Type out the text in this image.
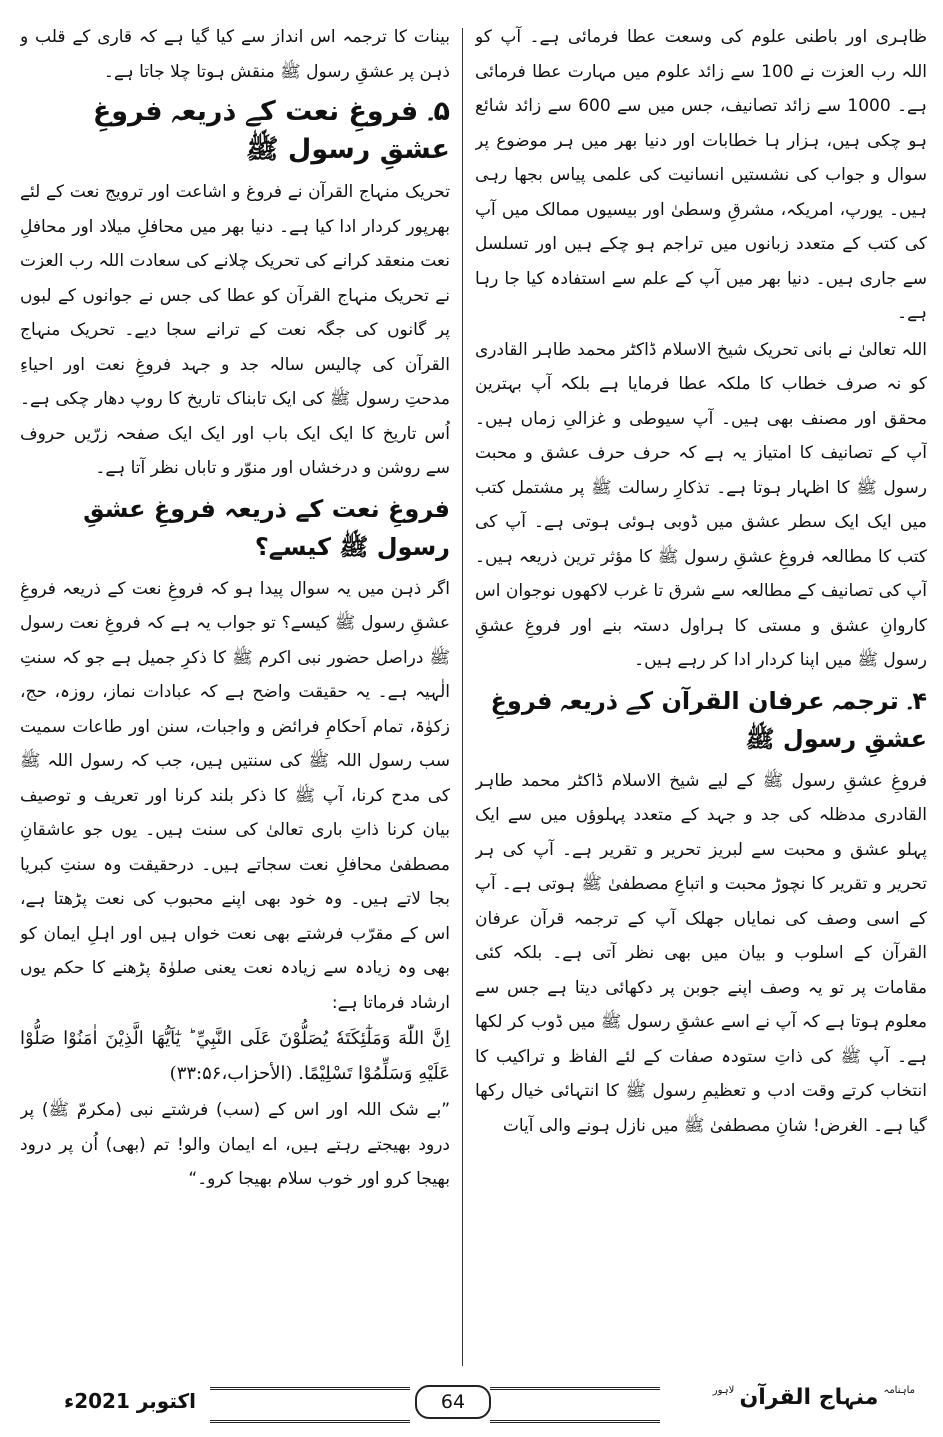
ظاہری اور باطنی علوم کی وسعت عطا فرمائی ہے۔ آپ کو اللہ رب العزت نے 100 سے زائد علوم میں مہارت عطا فرمائی ہے۔ 1000 سے زائد تصانیف، جس میں سے 600 سے زائد شائع ہو چکی ہیں، ہزار ہا خطابات اور دنیا بھر میں ہر موضوع پر سوال و جواب کی نشستیں انسانیت کی علمی پیاس بجھا رہی ہیں۔ یورپ، امریکہ، مشرقِ وسطیٰ اور بیسیوں ممالک میں آپ کی کتب کے متعدد زبانوں میں تراجم ہو چکے ہیں اور تسلسل سے جاری ہیں۔ دنیا بھر میں آپ کے علم سے استفادہ کیا جا رہا ہے۔

اللہ تعالیٰ نے بانی تحریک شیخ الاسلام ڈاکٹر محمد طاہر القادری کو نہ صرف خطاب کا ملکہ عطا فرمایا ہے بلکہ آپ بہترین محقق اور مصنف بھی ہیں۔ آپ سیوطی و غزالیِ زماں ہیں۔ آپ کے تصانیف کا امتیاز یہ ہے کہ حرف حرف عشق و محبت رسول ﷺ کا اظہار ہوتا ہے۔ تذکارِ رسالت ﷺ پر مشتمل کتب میں ایک ایک سطر عشق میں ڈوبی ہوئی ہوتی ہے۔ آپ کی کتب کا مطالعہ فروغِ عشقِ رسول ﷺ کا مؤثر ترین ذریعہ ہیں۔ آپ کی تصانیف کے مطالعہ سے شرق تا غرب لاکھوں نوجوان اس کاروانِ عشق و مستی کا ہراول دستہ بنے اور فروغِ عشقِ رسول ﷺ میں اپنا کردار ادا کر رہے ہیں۔

۴۔ ترجمہ عرفان القرآن کے ذریعہ فروغِ عشقِ رسول ﷺ

فروغِ عشقِ رسول ﷺ کے لیے شیخ الاسلام ڈاکٹر محمد طاہر القادری مدظلہ کی جد و جہد کے متعدد پہلوؤں میں سے ایک پہلو عشق و محبت سے لبریز تحریر و تقریر ہے۔ آپ کی ہر تحریر و تقریر کا نچوڑ محبت و اتباعِ مصطفیٰ ﷺ ہوتی ہے۔ آپ کے اسی وصف کی نمایاں جھلک آپ کے ترجمہ قرآن عرفان القرآن کے اسلوب و بیان میں بھی نظر آتی ہے۔ بلکہ کئی مقامات پر تو یہ وصف اپنے جوبن پر دکھائی دیتا ہے جس سے معلوم ہوتا ہے کہ آپ نے اسے عشقِ رسول ﷺ میں ڈوب کر لکھا ہے۔ آپ ﷺ کی ذاتِ ستودہ صفات کے لئے الفاظ و تراکیب کا انتخاب کرتے وقت ادب و تعظیمِ رسول ﷺ کا انتہائی خیال رکھا گیا ہے۔ الغرض! شانِ مصطفیٰ ﷺ میں نازل ہونے والی آیات

بینات کا ترجمہ اس انداز سے کیا گیا ہے کہ قاری کے قلب و ذہن پر عشقِ رسول ﷺ منقش ہوتا چلا جاتا ہے۔

۵۔ فروغِ نعت کے ذریعہ فروغِ عشقِ رسول ﷺ

تحریک منہاج القرآن نے فروغ و اشاعت اور ترویج نعت کے لئے بھرپور کردار ادا کیا ہے۔ دنیا بھر میں محافلِ میلاد اور محافلِ نعت منعقد کرانے کی تحریک چلانے کی سعادت اللہ رب العزت نے تحریک منہاج القرآن کو عطا کی جس نے جوانوں کے لبوں پر گانوں کی جگہ نعت کے ترانے سجا دیے۔ تحریک منہاج القرآن کی چالیس سالہ جد و جہد فروغِ نعت اور احیاءِ مدحتِ رسول ﷺ کی ایک تابناک تاریخ کا روپ دھار چکی ہے۔ اُس تاریخ کا ایک ایک باب اور ایک ایک صفحہ زرّیں حروف سے روشن و درخشاں اور منوّر و تاباں نظر آتا ہے۔

فروغِ نعت کے ذریعہ فروغِ عشقِ رسول ﷺ کیسے؟

اگر ذہن میں یہ سوال پیدا ہو کہ فروغِ نعت کے ذریعہ فروغِ عشقِ رسول ﷺ کیسے؟ تو جواب یہ ہے کہ فروغِ نعت رسول ﷺ دراصل حضور نبی اکرم ﷺ کا ذکرِ جمیل ہے جو کہ سنتِ الٰہیہ ہے۔ یہ حقیقت واضح ہے کہ عبادات نماز، روزہ، حج، زکوٰۃ، تمام اَحکامِ فرائض و واجبات، سنن اور طاعات سمیت سب رسول اللہ ﷺ کی سنتیں ہیں، جب کہ رسول اللہ ﷺ کی مدح کرنا، آپ ﷺ کا ذکر بلند کرنا اور تعریف و توصیف بیان کرنا ذاتِ باری تعالیٰ کی سنت ہیں۔ یوں جو عاشقانِ مصطفیٰ محافلِ نعت سجاتے ہیں۔ درحقیقت وہ سنتِ کبریا بجا لاتے ہیں۔ وہ خود بھی اپنے محبوب کی نعت پڑھتا ہے، اس کے مقرّب فرشتے بھی نعت خواں ہیں اور اہلِ ایمان کو بھی وہ زیادہ سے زیادہ نعت یعنی صلوٰۃ پڑھنے کا حکم یوں ارشاد فرماتا ہے:

اِنَّ اللّٰهَ وَمَلٰٓئِكَتَهٗ يُصَلُّوْنَ عَلَى النَّبِيِّ ؕ يٰٓاَيُّهَا الَّذِيْنَ اٰمَنُوْا صَلُّوْا عَلَيْهِ وَسَلِّمُوْا تَسْلِيْمًا. (الأحزاب،۳۳:۵۶)

”بے شک اللہ اور اس کے (سب) فرشتے نبی (مکرمّ ﷺ) پر درود بھیجتے رہتے ہیں، اے ایمان والو! تم (بھی) اُن پر درود بھیجا کرو اور خوب سلام بھیجا کرو۔“

اکتوبر 2021ء	64
$^{ماہنامہ}$ منہاج القرآن $^{لاہور}$
